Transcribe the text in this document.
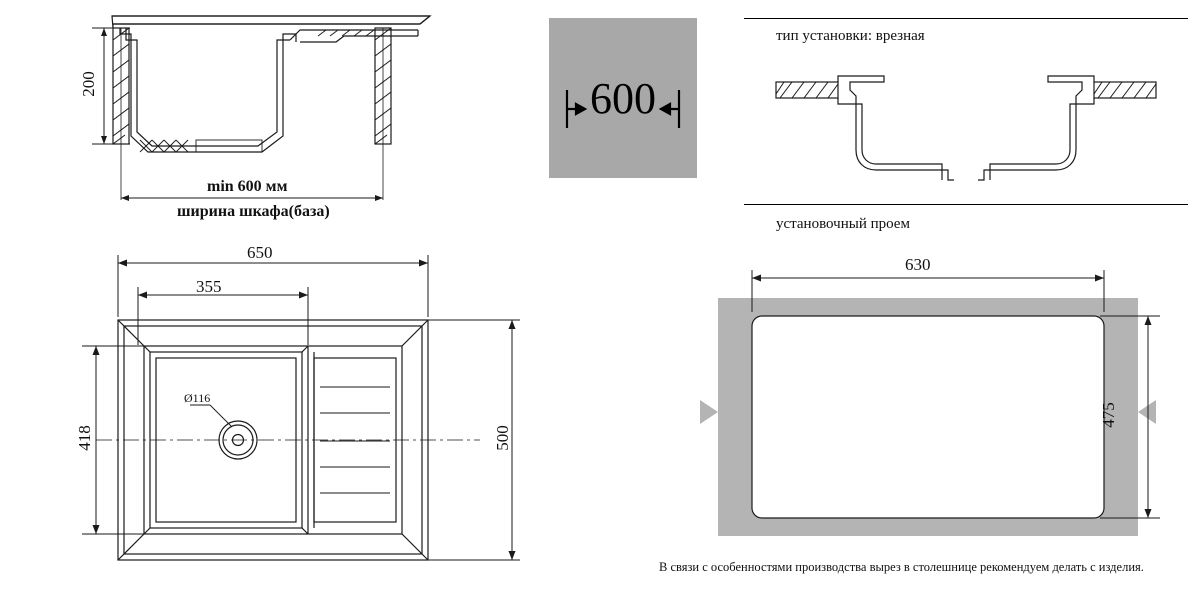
200
min 600 мм
ширина шкафа(база)
600
тип установки: врезная
установочный проем
630
475
В связи с особенностями производства вырез в столешнице рекомендуем делать с изделия.
650
355
418	500
Ø116
